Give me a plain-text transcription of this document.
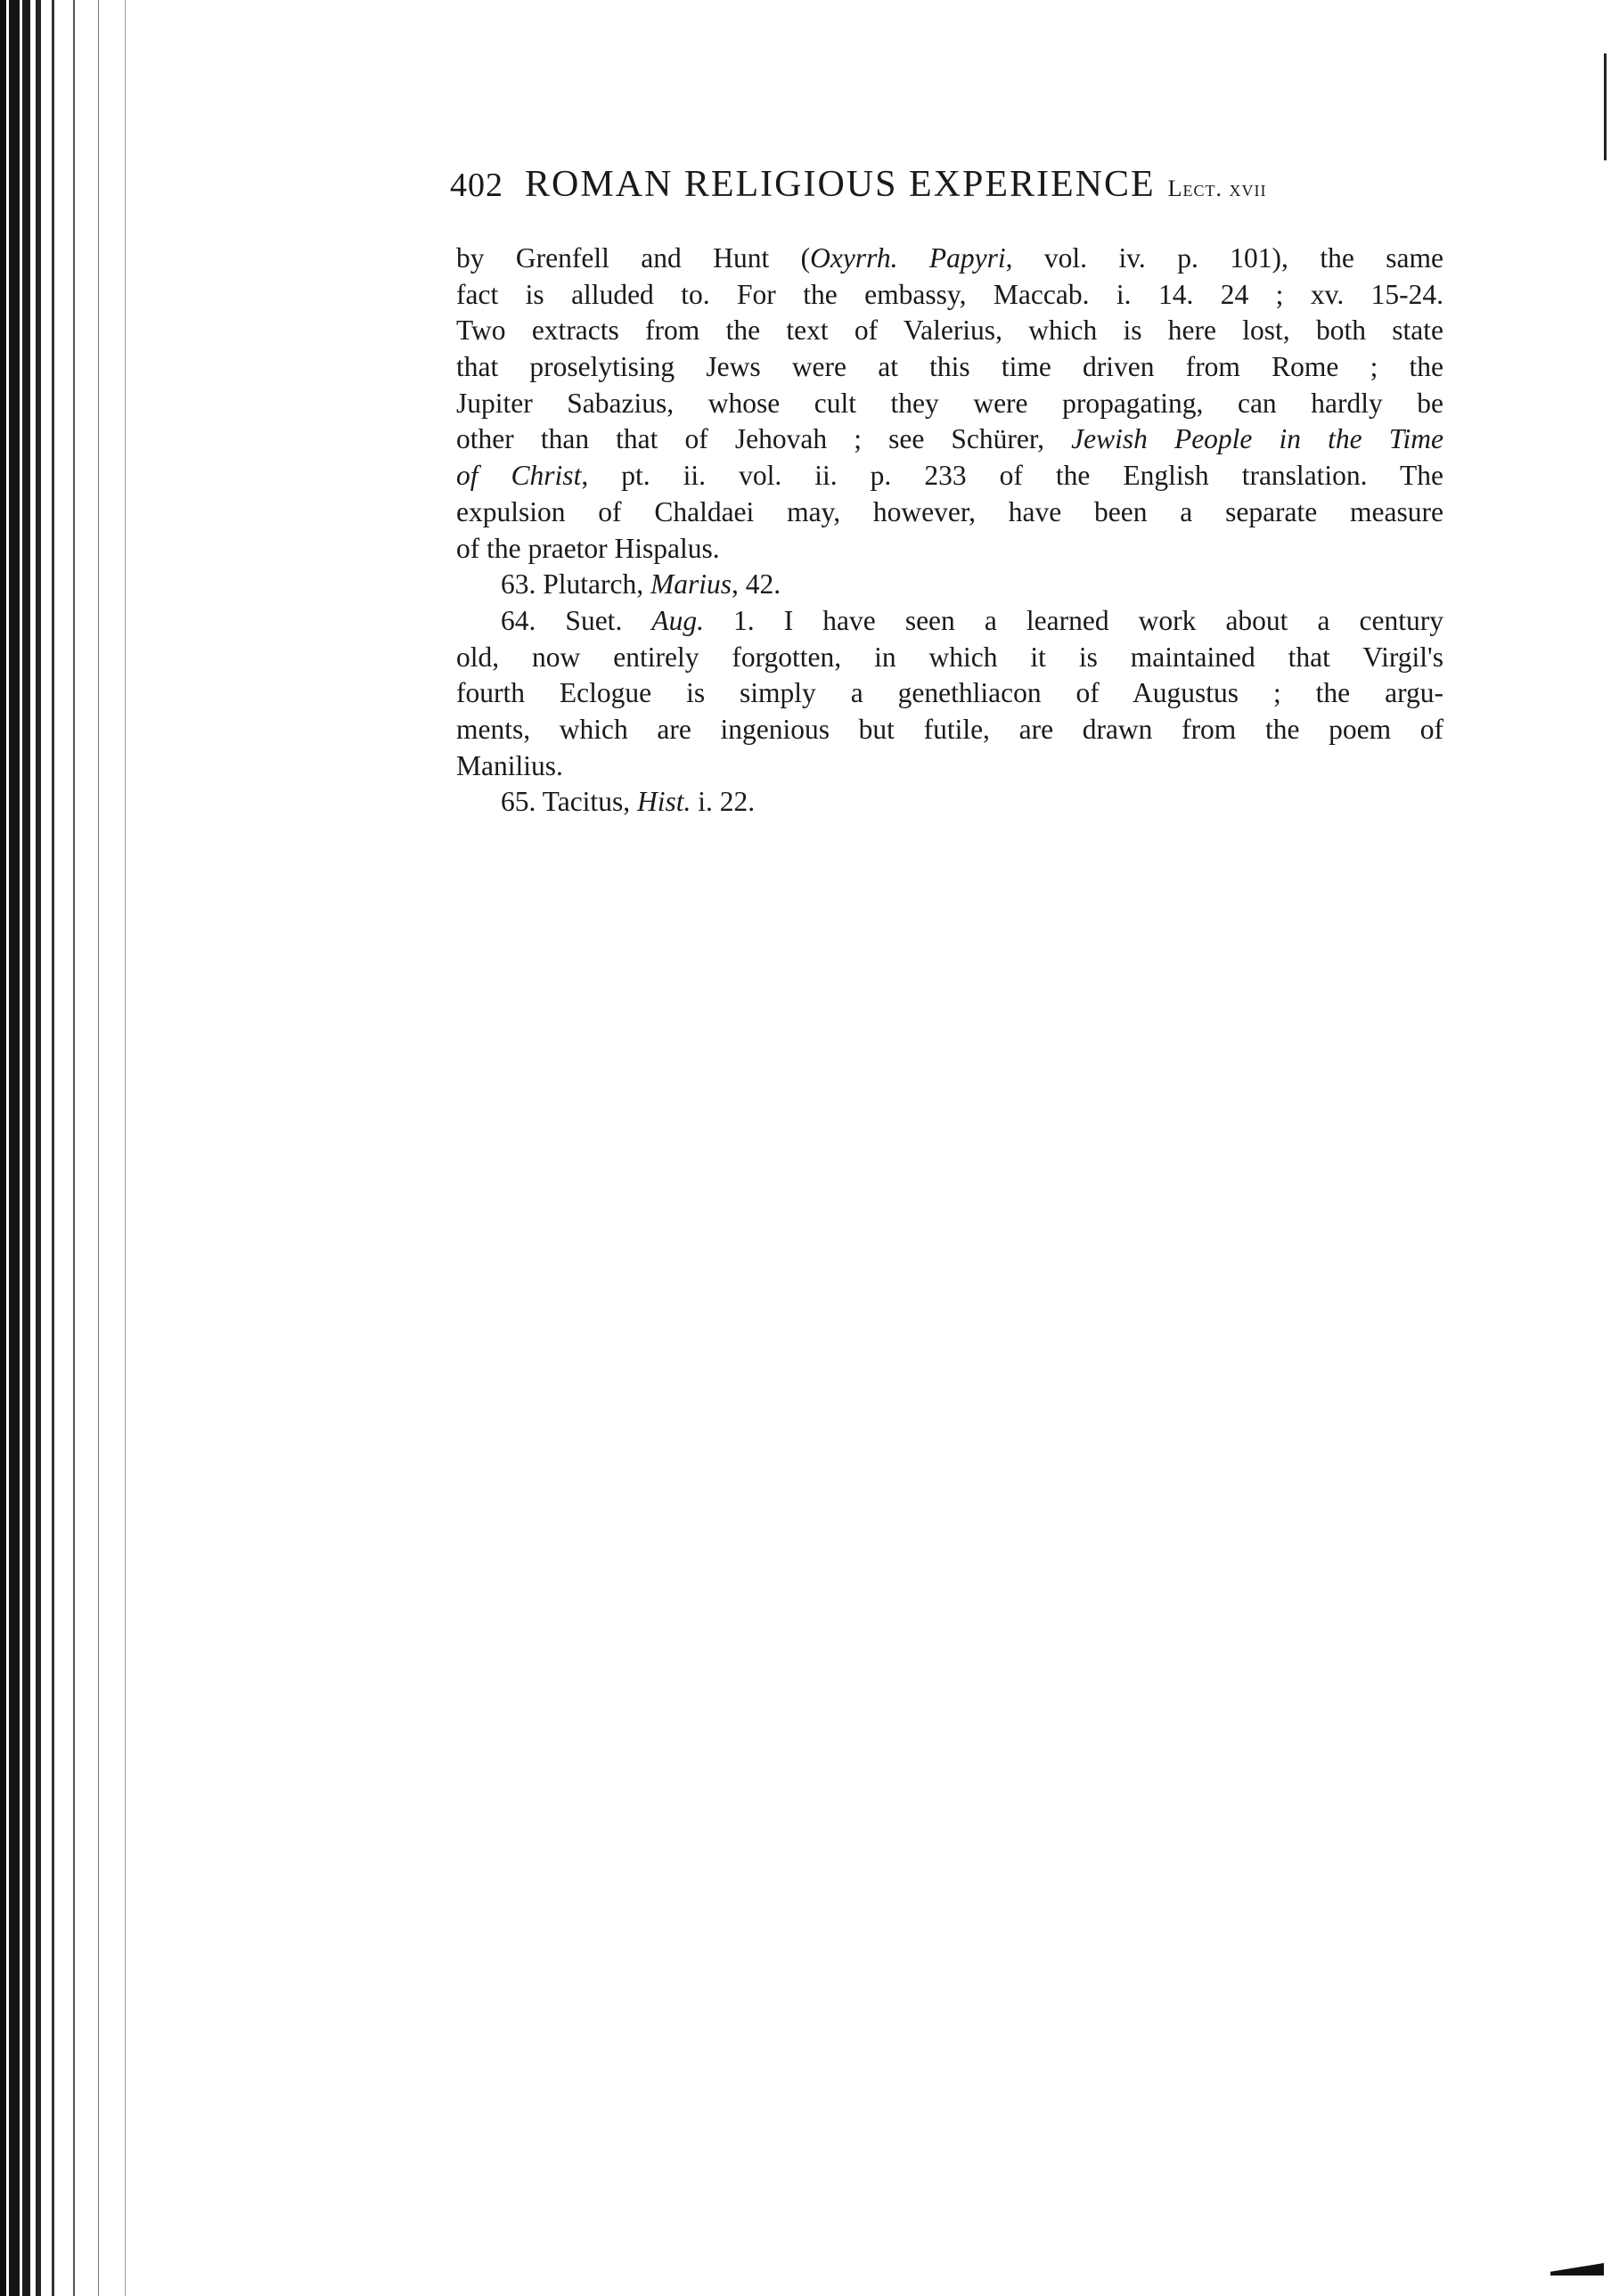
402 ROMAN RELIGIOUS EXPERIENCE Lect. xvii
by Grenfell and Hunt (Oxyrrh. Papyri, vol. iv. p. 101), the same
fact is alluded to. For the embassy, Maccab. i. 14. 24 ; xv. 15-24.
Two extracts from the text of Valerius, which is here lost, both state
that proselytising Jews were at this time driven from Rome ; the
Jupiter Sabazius, whose cult they were propagating, can hardly be
other than that of Jehovah ; see Schürer, Jewish People in the Time
of Christ, pt. ii. vol. ii. p. 233 of the English translation. The
expulsion of Chaldaei may, however, have been a separate measure
of the praetor Hispalus.
63. Plutarch, Marius, 42.
64. Suet. Aug. 1. I have seen a learned work about a century
old, now entirely forgotten, in which it is maintained that Virgil's
fourth Eclogue is simply a genethliacon of Augustus ; the argu-
ments, which are ingenious but futile, are drawn from the poem of
Manilius.
65. Tacitus, Hist. i. 22.
